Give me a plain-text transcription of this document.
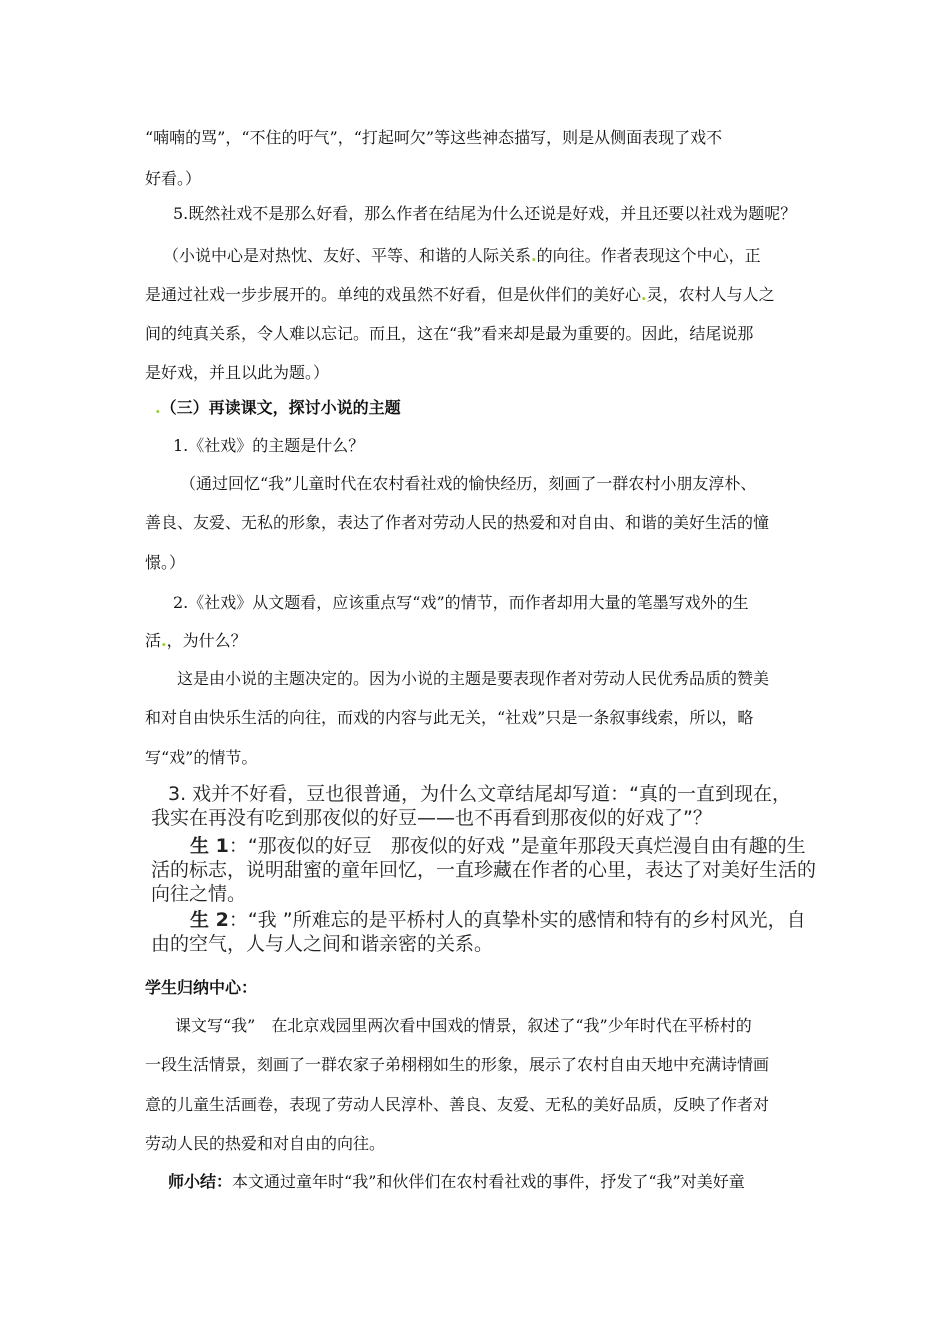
“喃喃的骂”，“不住的吁气”，“打起呵欠”等这些神态描写，则是从侧面表现了戏不
好看。）
5.既然社戏不是那么好看，那么作者在结尾为什么还说是好戏，并且还要以社戏为题呢？
（小说中心是对热忱、友好、平等、和谐的人际关系.的向往。作者表现这个中心，正
是通过社戏一步步展开的。单纯的戏虽然不好看，但是伙伴们的美好心.灵，农村人与人之
间的纯真关系，令人难以忘记。而且，这在“我”看来却是最为重要的。因此，结尾说那
是好戏，并且以此为题。）
.（三）再读课文，探讨小说的主题
1.《社戏》的主题是什么？
（通过回忆“我”儿童时代在农村看社戏的愉快经历，刻画了一群农村小朋友淳朴、
善良、友爱、无私的形象，表达了作者对劳动人民的热爱和对自由、和谐的美好生活的憧
憬。）
2.《社戏》从文题看，应该重点写“戏”的情节，而作者却用大量的笔墨写戏外的生
活.，为什么？
这是由小说的主题决定的。因为小说的主题是要表现作者对劳动人民优秀品质的赞美
和对自由快乐生活的向往，而戏的内容与此无关，“社戏”只是一条叙事线索，所以，略
写“戏”的情节。
3. 戏并不好看，豆也很普通，为什么文章结尾却写道：“真的一直到现在，
我实在再没有吃到那夜似的好豆——也不再看到那夜似的好戏了”？
生 1：“那夜似的好豆　那夜似的好戏 ”是童年那段天真烂漫自由有趣的生
活的标志，说明甜蜜的童年回忆，一直珍藏在作者的心里，表达了对美好生活的
向往之情。
生 2：“我 ”所难忘的是平桥村人的真挚朴实的感情和特有的乡村风光，自
由的空气，人与人之间和谐亲密的关系。
学生归纳中心：
课文写“我”　在北京戏园里两次看中国戏的情景，叙述了“我”少年时代在平桥村的
一段生活情景，刻画了一群农家子弟栩栩如生的形象，展示了农村自由天地中充满诗情画
意的儿童生活画卷，表现了劳动人民淳朴、善良、友爱、无私的美好品质，反映了作者对
劳动人民的热爱和对自由的向往。
师小结：本文通过童年时“我”和伙伴们在农村看社戏的事件，抒发了“我”对美好童
